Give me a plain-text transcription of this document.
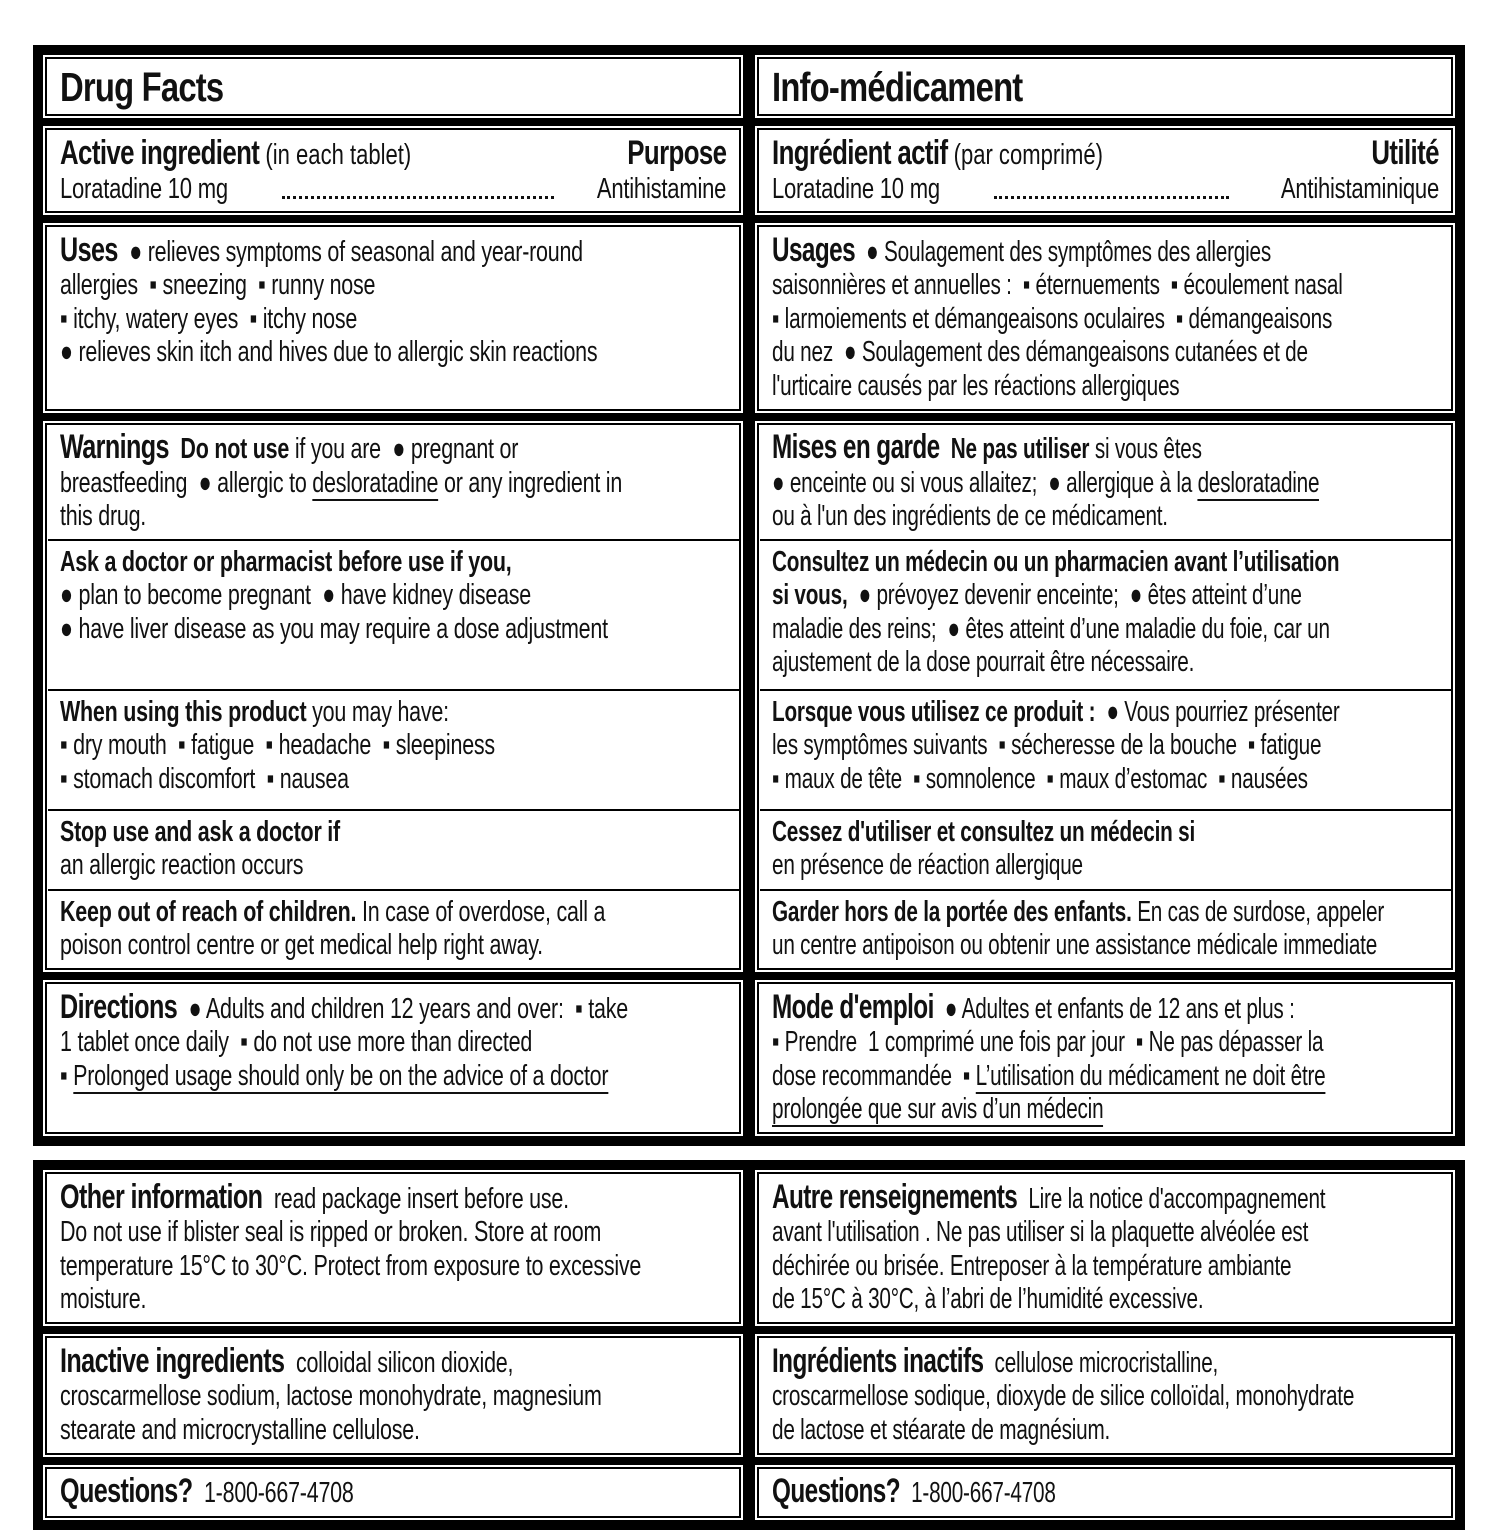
Drug Facts	Info-médicament
Active ingredient (in each tablet)	Purpose
Loratadine 10 mg	Antihistamine
Ingrédient actif (par comprimé)	Utilité
Loratadine 10 mg	Antihistaminique
Uses  ● relieves symptoms of seasonal and year-round
allergies  ▪ sneezing  ▪ runny nose
▪ itchy, watery eyes  ▪ itchy nose
● relieves skin itch and hives due to allergic skin reactions
Usages  ● Soulagement des symptômes des allergies
saisonnières et annuelles :  ▪ éternuements  ▪ écoulement nasal
▪ larmoiements et démangeaisons oculaires  ▪ démangeaisons
du nez  ● Soulagement des démangeaisons cutanées et de
l'urticaire causés par les réactions allergiques
Warnings Do not use if you are  ● pregnant or
breastfeeding  ● allergic to desloratadine or any ingredient in
this drug.
Ask a doctor or pharmacist before use if you,
● plan to become pregnant  ● have kidney disease
● have liver disease as you may require a dose adjustment
When using this product you may have:
▪ dry mouth  ▪ fatigue  ▪ headache  ▪ sleepiness
▪ stomach discomfort  ▪ nausea
Stop use and ask a doctor if
an allergic reaction occurs
Keep out of reach of children. In case of overdose, call a
poison control centre or get medical help right away.
Mises en garde Ne pas utiliser si vous êtes
● enceinte ou si vous allaitez;  ● allergique à la desloratadine
ou à l'un des ingrédients de ce médicament.
Consultez un médecin ou un pharmacien avant l’utilisation
si vous,  ● prévoyez devenir enceinte;  ● êtes atteint d’une
maladie des reins;  ● êtes atteint d’une maladie du foie, car un
ajustement de la dose pourrait être nécessaire.
Lorsque vous utilisez ce produit :  ● Vous pourriez présenter
les symptômes suivants  ▪ sécheresse de la bouche  ▪ fatigue
▪ maux de tête  ▪ somnolence  ▪ maux d’estomac  ▪ nausées
Cessez d'utiliser et consultez un médecin si
en présence de réaction allergique
Garder hors de la portée des enfants. En cas de surdose, appeler
un centre antipoison ou obtenir une assistance médicale immediate
Directions  ● Adults and children 12 years and over:  ▪ take
1 tablet once daily  ▪ do not use more than directed
▪ Prolonged usage should only be on the advice of a doctor
Mode d'emploi  ● Adultes et enfants de 12 ans et plus :
▪ Prendre  1 comprimé une fois par jour  ▪ Ne pas dépasser la
dose recommandée  ▪ L’utilisation du médicament ne doit être
prolongée que sur avis d’un médecin
Other information  read package insert before use.
Do not use if blister seal is ripped or broken. Store at room
temperature 15°C to 30°C. Protect from exposure to excessive
moisture.
Autre renseignements  Lire la notice d'accompagnement
avant l'utilisation . Ne pas utiliser si la plaquette alvéolée est
déchirée ou brisée. Entreposer à la température ambiante
de 15°C à 30°C, à l’abri de l’humidité excessive.
Inactive ingredients  colloidal silicon dioxide,
croscarmellose sodium, lactose monohydrate, magnesium
stearate and microcrystalline cellulose.
Ingrédients inactifs  cellulose microcristalline,
croscarmellose sodique, dioxyde de silice colloïdal, monohydrate
de lactose et stéarate de magnésium.
Questions?  1-800-667-4708	Questions?  1-800-667-4708
